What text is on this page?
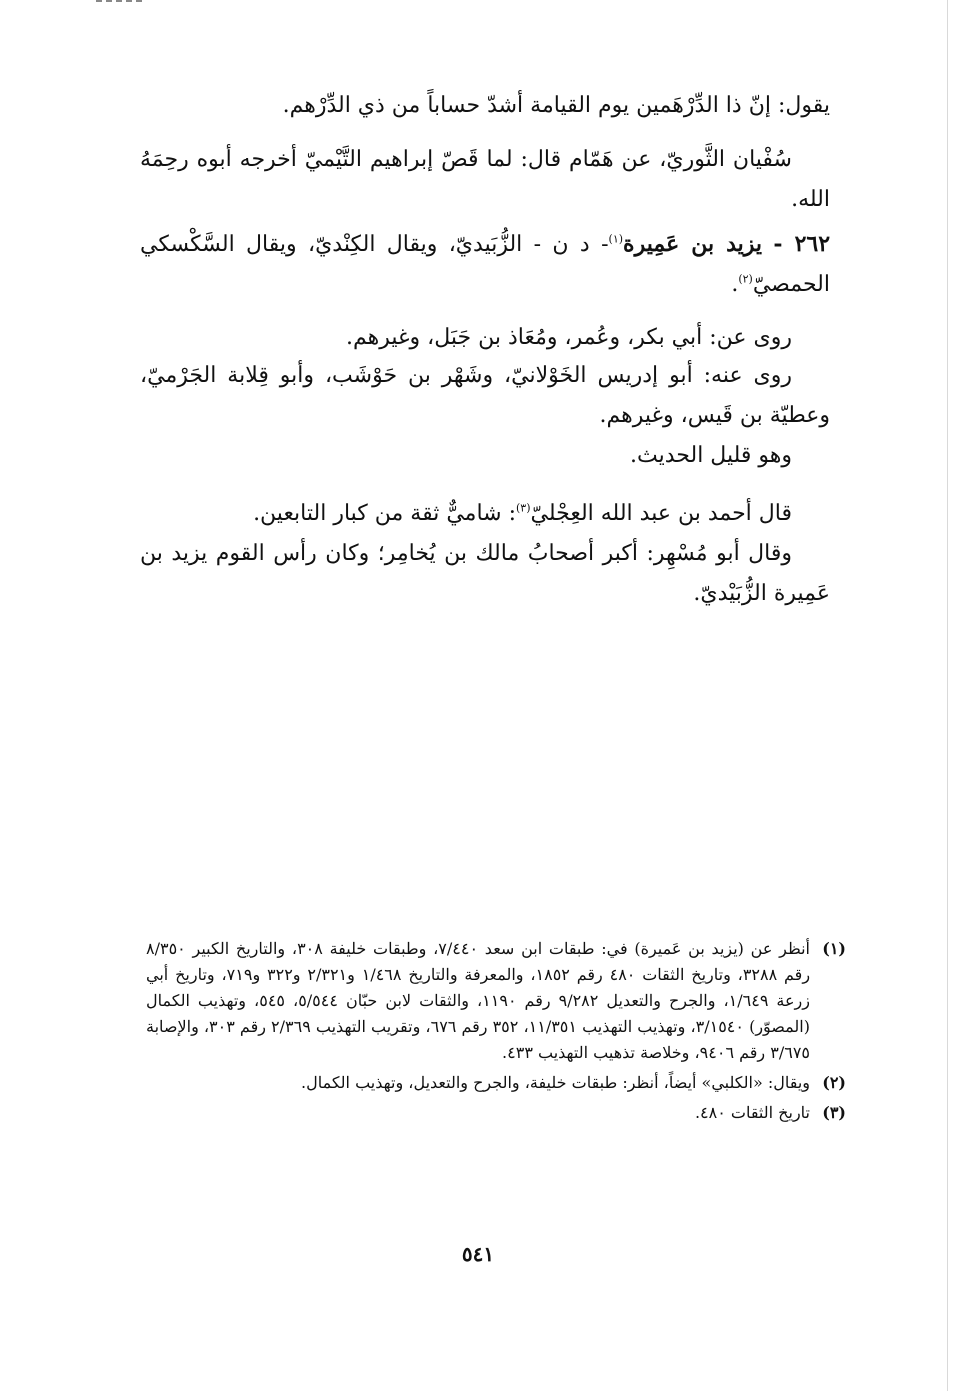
يقول: إنّ ذا الدِّرْهَمين يوم القيامة أشدّ حساباً من ذي الدِّرْهم.
سُفْيان الثَّوريّ، عن هَمّام قال: لما قَصّ إبراهيم التَّيْميّ أخرجه أبوه رحِمَهُ الله.
٢٦٢ - يزيد بن عَمِيرة$^{(١)}$- د ن - الزُّبَيديّ، ويقال الكِنْديّ، ويقال السَّكْسكي الحمصيّ$^{(٢)}$.
روى عن: أبي بكر، وعُمر، ومُعَاذ بن جَبَل، وغيرهم.
روى عنه: أبو إدريس الخَوْلانيّ، وشَهْر بن حَوْشَب، وأبو قِلابة الجَرْميّ، وعطيّة بن قَيس، وغيرهم.
وهو قليل الحديث.
قال أحمد بن عبد الله العِجْليّ$^{(٣)}$: شاميٌّ ثقة من كبار التابعين.
وقال أبو مُسْهِر: أكبر أصحابُ مالك بن يُخامِر؛ وكان رأس القوم يزيد بن عَمِيرة الزُّبَيْديّ.
(١)
أنظر عن (يزيد بن عَميرة) في: طبقات ابن سعد ٧/٤٤٠، وطبقات خليفة ٣٠٨، والتاريخ الكبير ٨/٣٥٠ رقم ٣٢٨٨، وتاريخ الثقات ٤٨٠ رقم ١٨٥٢، والمعرفة والتاريخ ١/٤٦٨ و٢/٣٢١ و٣٢٢ و٧١٩، وتاريخ أبي زرعة ١/٦٤٩، والجرح والتعديل ٩/٢٨٢ رقم ١١٩٠، والثقات لابن حبّان ٥/٥٤٤، ٥٤٥، وتهذيب الكمال (المصوّر) ٣/١٥٤٠، وتهذيب التهذيب ١١/٣٥١، ٣٥٢ رقم ٦٧٦، وتقريب التهذيب ٢/٣٦٩ رقم ٣٠٣، والإصابة ٣/٦٧٥ رقم ٩٤٠٦، وخلاصة تذهيب التهذيب ٤٣٣.
(٢)
ويقال: «الكلبي» أيضاً، أنظر: طبقات خليفة، والجرح والتعديل، وتهذيب الكمال.
(٣)
تاريخ الثقات ٤٨٠.
٥٤١
